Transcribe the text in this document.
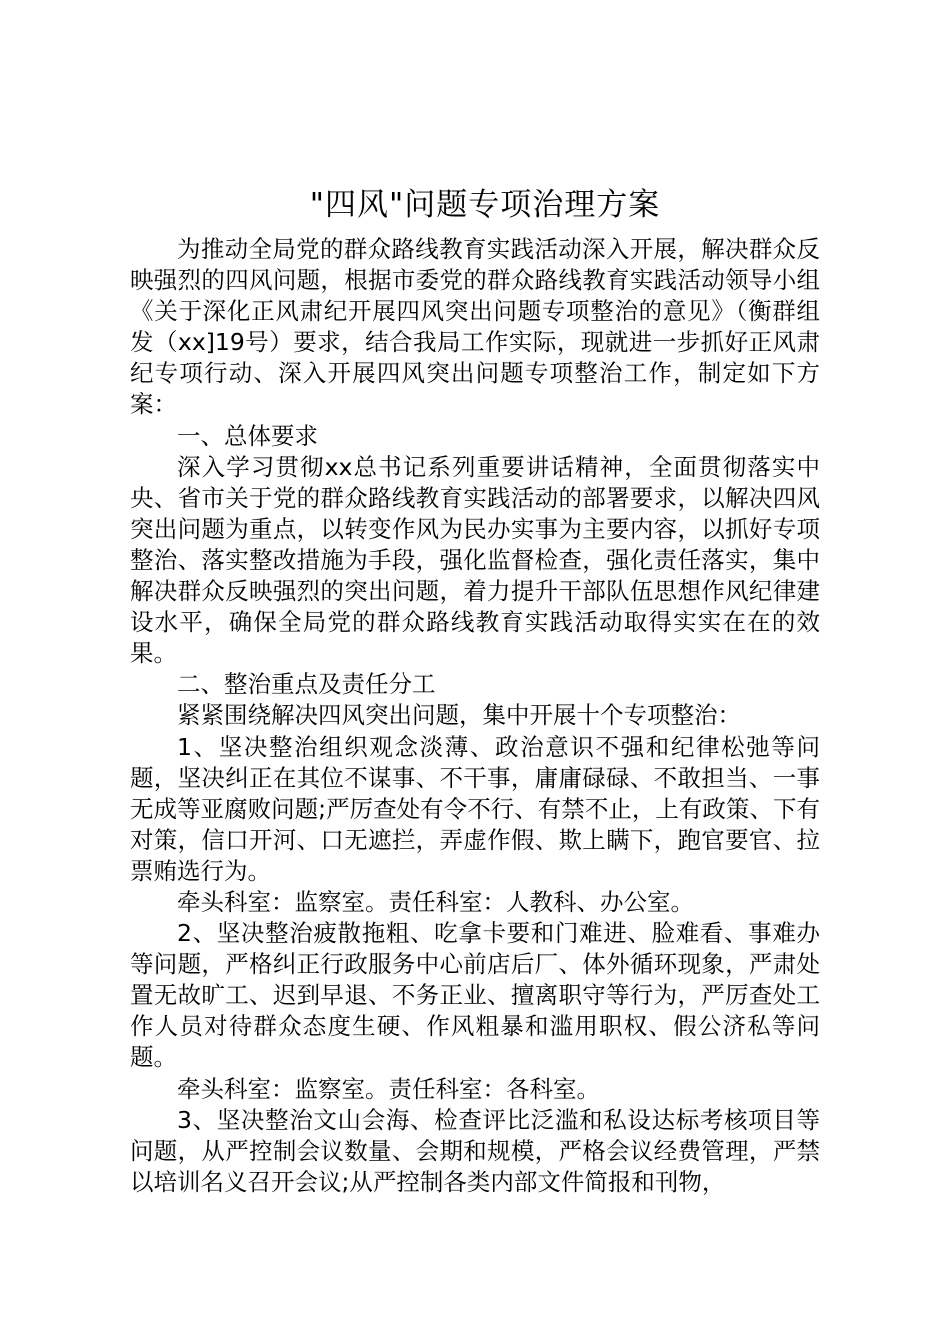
"四风"问题专项治理方案

为推动全局党的群众路线教育实践活动深入开展，解决群众反映强烈的四风问题，根据市委党的群众路线教育实践活动领导小组《关于深化正风肃纪开展四风突出问题专项整治的意见》（衡群组发（xx]19号）要求，结合我局工作实际，现就进一步抓好正风肃纪专项行动、深入开展四风突出问题专项整治工作，制定如下方案：

一、总体要求

深入学习贯彻xx总书记系列重要讲话精神，全面贯彻落实中央、省市关于党的群众路线教育实践活动的部署要求，以解决四风突出问题为重点，以转变作风为民办实事为主要内容，以抓好专项整治、落实整改措施为手段，强化监督检查，强化责任落实，集中解决群众反映强烈的突出问题，着力提升干部队伍思想作风纪律建设水平，确保全局党的群众路线教育实践活动取得实实在在的效果。

二、整治重点及责任分工

紧紧围绕解决四风突出问题，集中开展十个专项整治：

1、坚决整治组织观念淡薄、政治意识不强和纪律松弛等问题，坚决纠正在其位不谋事、不干事，庸庸碌碌、不敢担当、一事无成等亚腐败问题;严厉查处有令不行、有禁不止，上有政策、下有对策，信口开河、口无遮拦，弄虚作假、欺上瞒下，跑官要官、拉票贿选行为。

牵头科室：监察室。责任科室：人教科、办公室。

2、坚决整治疲散拖粗、吃拿卡要和门难进、脸难看、事难办等问题，严格纠正行政服务中心前店后厂、体外循环现象，严肃处置无故旷工、迟到早退、不务正业、擅离职守等行为，严厉查处工作人员对待群众态度生硬、作风粗暴和滥用职权、假公济私等问题。

牵头科室：监察室。责任科室：各科室。

3、坚决整治文山会海、检查评比泛滥和私设达标考核项目等问题，从严控制会议数量、会期和规模，严格会议经费管理，严禁以培训名义召开会议;从严控制各类内部文件简报和刊物，
